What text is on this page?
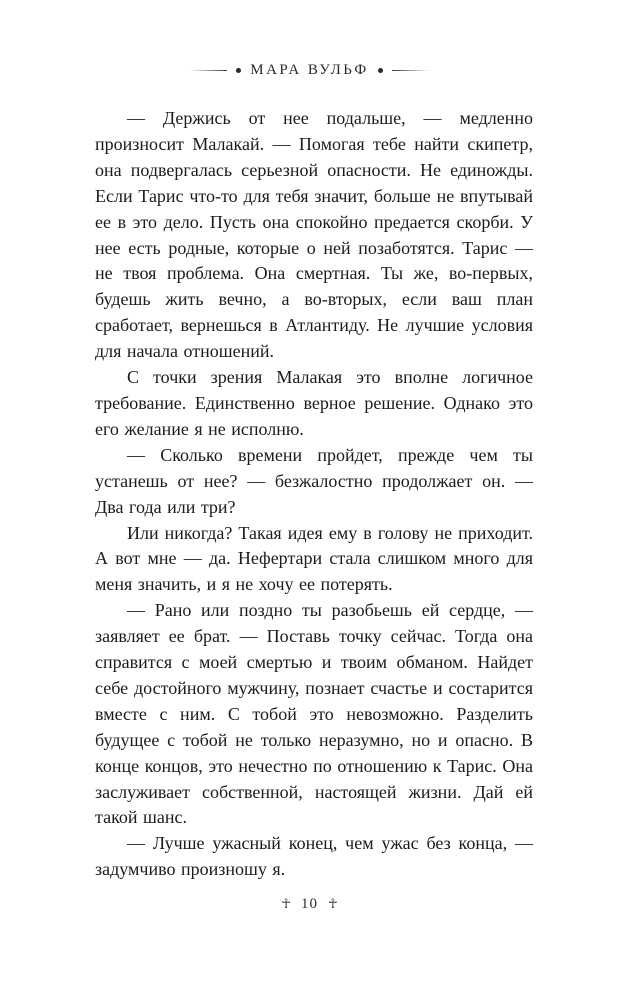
МАРА ВУЛЬФ

— Держись от нее подальше, — медленно произносит Малакай. — Помогая тебе найти скипетр, она подвергалась серьезной опасности. Не единожды. Если Тарис что-то для тебя значит, больше не впутывай ее в это дело. Пусть она спокойно предается скорби. У нее есть родные, которые о ней позаботятся. Тарис — не твоя проблема. Она смертная. Ты же, во-первых, будешь жить вечно, а во-вторых, если ваш план сработает, вернешься в Атлантиду. Не лучшие условия для начала отношений.

С точки зрения Малакая это вполне логичное требование. Единственно верное решение. Однако это его желание я не исполню.

— Сколько времени пройдет, прежде чем ты устанешь от нее? — безжалостно продолжает он. — Два года или три?

Или никогда? Такая идея ему в голову не приходит. А вот мне — да. Нефертари стала слишком много для меня значить, и я не хочу ее потерять.

— Рано или поздно ты разобьешь ей сердце, — заявляет ее брат. — Поставь точку сейчас. Тогда она справится с моей смертью и твоим обманом. Найдет себе достойного мужчину, познает счастье и состарится вместе с ним. С тобой это невозможно. Разделить будущее с тобой не только неразумно, но и опасно. В конце концов, это нечестно по отношению к Тарис. Она заслуживает собственной, настоящей жизни. Дай ей такой шанс.

— Лучше ужасный конец, чем ужас без конца, — задумчиво произношу я.

☥ 10 ☥
